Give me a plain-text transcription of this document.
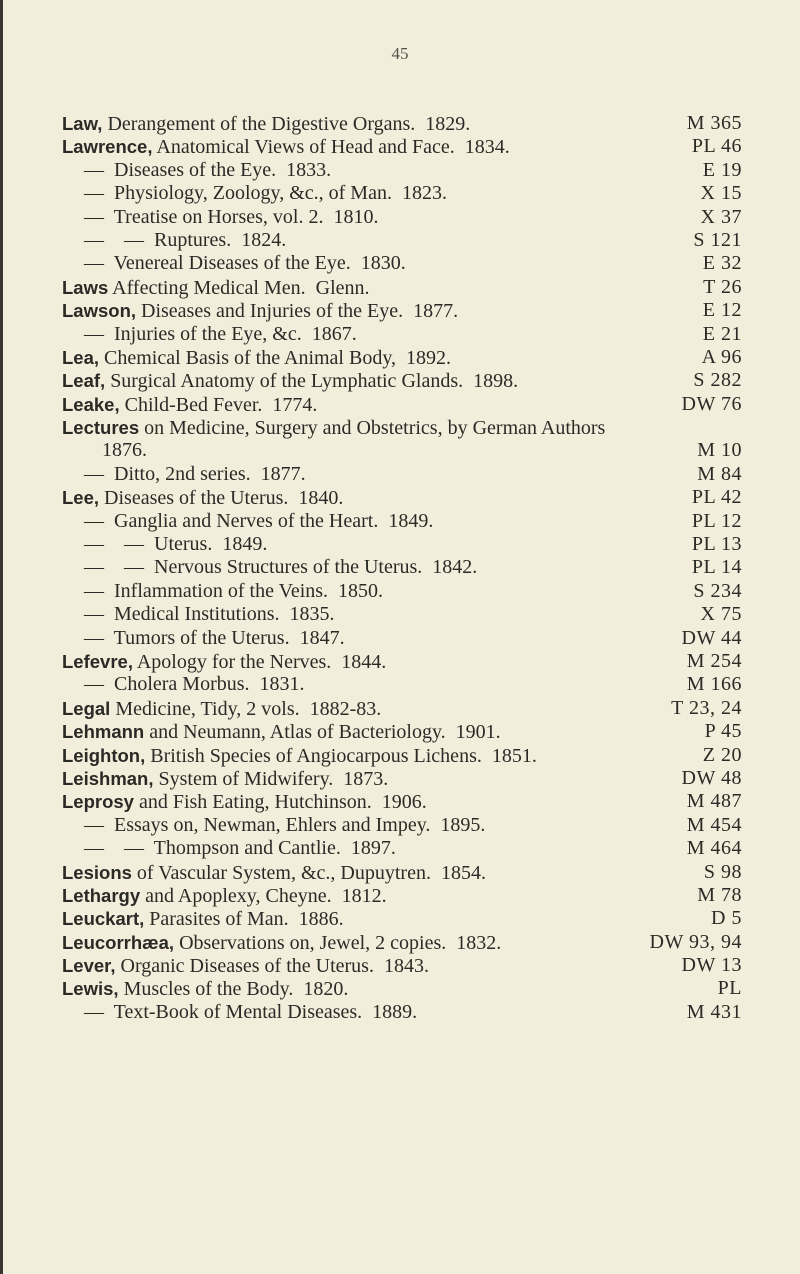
45
Law, Derangement of the Digestive Organs.  1829.	M 365
Lawrence, Anatomical Views of Head and Face.  1834.	PL 46
—  Diseases of the Eye.  1833.	E 19
—  Physiology, Zoology, &c., of Man.  1823.	X 15
—  Treatise on Horses, vol. 2.  1810.	X 37
—    —  Ruptures.  1824.	S 121
—  Venereal Diseases of the Eye.  1830.	E 32
Laws Affecting Medical Men.  Glenn.	T 26
Lawson, Diseases and Injuries of the Eye.  1877.	E 12
—  Injuries of the Eye, &c.  1867.	E 21
Lea, Chemical Basis of the Animal Body,  1892.	A 96
Leaf, Surgical Anatomy of the Lymphatic Glands.  1898.	S 282
Leake, Child-Bed Fever.  1774.	DW 76
Lectures on Medicine, Surgery and Obstetrics, by German Authors
1876.	M 10
—  Ditto, 2nd series.  1877.	M 84
Lee, Diseases of the Uterus.  1840.	PL 42
—  Ganglia and Nerves of the Heart.  1849.	PL 12
—    —  Uterus.  1849.	PL 13
—    —  Nervous Structures of the Uterus.  1842.	PL 14
—  Inflammation of the Veins.  1850.	S 234
—  Medical Institutions.  1835.	X 75
—  Tumors of the Uterus.  1847.	DW 44
Lefevre, Apology for the Nerves.  1844.	M 254
—  Cholera Morbus.  1831.	M 166
Legal Medicine, Tidy, 2 vols.  1882-83.	T 23, 24
Lehmann and Neumann, Atlas of Bacteriology.  1901.	P 45
Leighton, British Species of Angiocarpous Lichens.  1851.	Z 20
Leishman, System of Midwifery.  1873.	DW 48
Leprosy and Fish Eating, Hutchinson.  1906.	M 487
—  Essays on, Newman, Ehlers and Impey.  1895.	M 454
—    —  Thompson and Cantlie.  1897.	M 464
Lesions of Vascular System, &c., Dupuytren.  1854.	S 98
Lethargy and Apoplexy, Cheyne.  1812.	M 78
Leuckart, Parasites of Man.  1886.	D 5
Leucorrhæa, Observations on, Jewel, 2 copies.  1832.	DW 93, 94
Lever, Organic Diseases of the Uterus.  1843.	DW 13
Lewis, Muscles of the Body.  1820.	PL
—  Text-Book of Mental Diseases.  1889.	M 431
